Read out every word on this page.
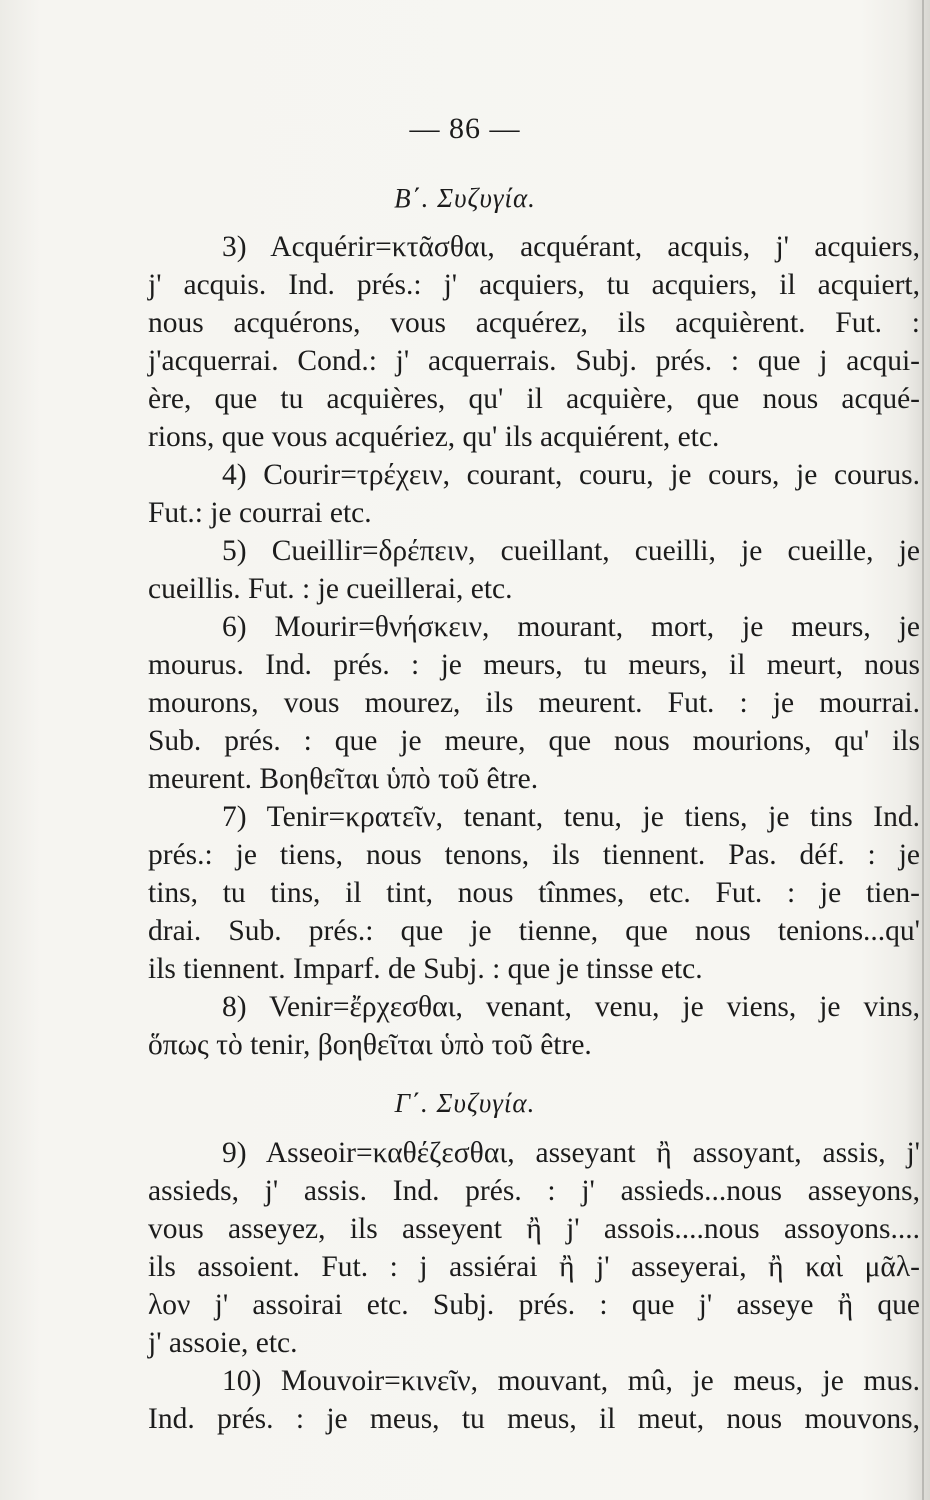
— 86 —
Β΄. Συζυγία.
3) Acquérir=κτᾶσθαι, acquérant, acquis, j' acquiers,
j' acquis. Ind. prés.: j' acquiers, tu acquiers, il acquiert,
nous acquérons, vous acquérez, ils acquièrent. Fut. :
j'acquerrai. Cond.: j' acquerrais. Subj. prés. : que j acqui-
ère, que tu acquières, qu' il acquière, que nous acqué-
rions, que vous acquériez, qu' ils acquiérent, etc.
4) Courir=τρέχειν, courant, couru, je cours, je courus.
Fut.: je courrai etc.
5) Cueillir=δρέπειν, cueillant, cueilli, je cueille, je
cueillis. Fut. : je cueillerai, etc.
6) Mourir=θνήσκειν, mourant, mort, je meurs, je
mourus. Ind. prés. : je meurs, tu meurs, il meurt, nous
mourons, vous mourez, ils meurent. Fut. : je mourrai.
Sub. prés. : que je meure, que nous mourions, qu' ils
meurent. Βοηθεῖται ὑπὸ τοῦ être.
7) Tenir=κρατεῖν, tenant, tenu, je tiens, je tins Ind.
prés.: je tiens, nous tenons, ils tiennent. Pas. déf. : je
tins, tu tins, il tint, nous tînmes, etc. Fut. : je tien-
drai. Sub. prés.: que je tienne, que nous tenions...qu'
ils tiennent. Imparf. de Subj. : que je tinsse etc.
8) Venir=ἔρχεσθαι, venant, venu, je viens, je vins,
ὅπως τὸ tenir, βοηθεῖται ὑπὸ τοῦ être.
Γ΄. Συζυγία.
9) Asseoir=καθέζεσθαι, asseyant ἢ assoyant, assis, j'
assieds, j' assis. Ind. prés. : j' assieds...nous asseyons,
vous asseyez, ils asseyent ἢ j' assois....nous assoyons....
ils assoient. Fut. : j assiérai ἢ j' asseyerai, ἢ καὶ μᾶλ-
λον j' assoirai etc. Subj. prés. : que j' asseye ἢ que
j' assoie, etc.
10) Mouvoir=κινεῖν, mouvant, mû, je meus, je mus.
Ind. prés. : je meus, tu meus, il meut, nous mouvons,
